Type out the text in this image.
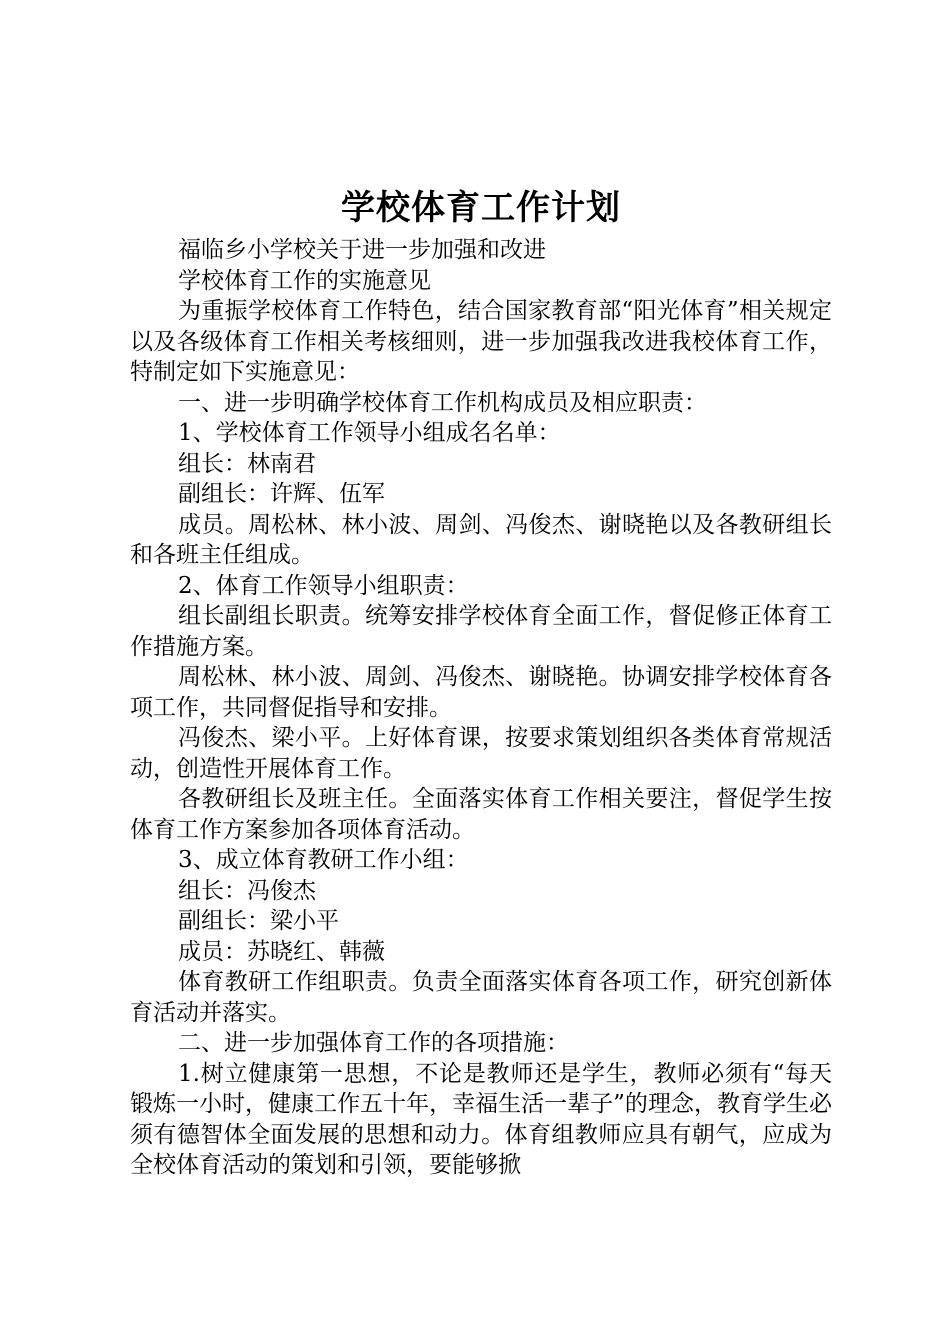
学校体育工作计划

福临乡小学校关于进一步加强和改进

学校体育工作的实施意见

为重振学校体育工作特色，结合国家教育部“阳光体育”相关规定以及各级体育工作相关考核细则，进一步加强我改进我校体育工作，特制定如下实施意见：

一、进一步明确学校体育工作机构成员及相应职责：

1、学校体育工作领导小组成名名单：

组长：林南君

副组长：许辉、伍军

成员。周松林、林小波、周剑、冯俊杰、谢晓艳以及各教研组长和各班主任组成。

2、体育工作领导小组职责：

组长副组长职责。统筹安排学校体育全面工作，督促修正体育工作措施方案。

周松林、林小波、周剑、冯俊杰、谢晓艳。协调安排学校体育各项工作，共同督促指导和安排。

冯俊杰、梁小平。上好体育课，按要求策划组织各类体育常规活动，创造性开展体育工作。

各教研组长及班主任。全面落实体育工作相关要注，督促学生按体育工作方案参加各项体育活动。

3、成立体育教研工作小组：

组长：冯俊杰

副组长：梁小平

成员：苏晓红、韩薇

体育教研工作组职责。负责全面落实体育各项工作，研究创新体育活动并落实。

二、进一步加强体育工作的各项措施：

1.树立健康第一思想，不论是教师还是学生，教师必须有“每天锻炼一小时，健康工作五十年，幸福生活一辈子”的理念，教育学生必须有德智体全面发展的思想和动力。体育组教师应具有朝气，应成为全校体育活动的策划和引领，要能够掀
